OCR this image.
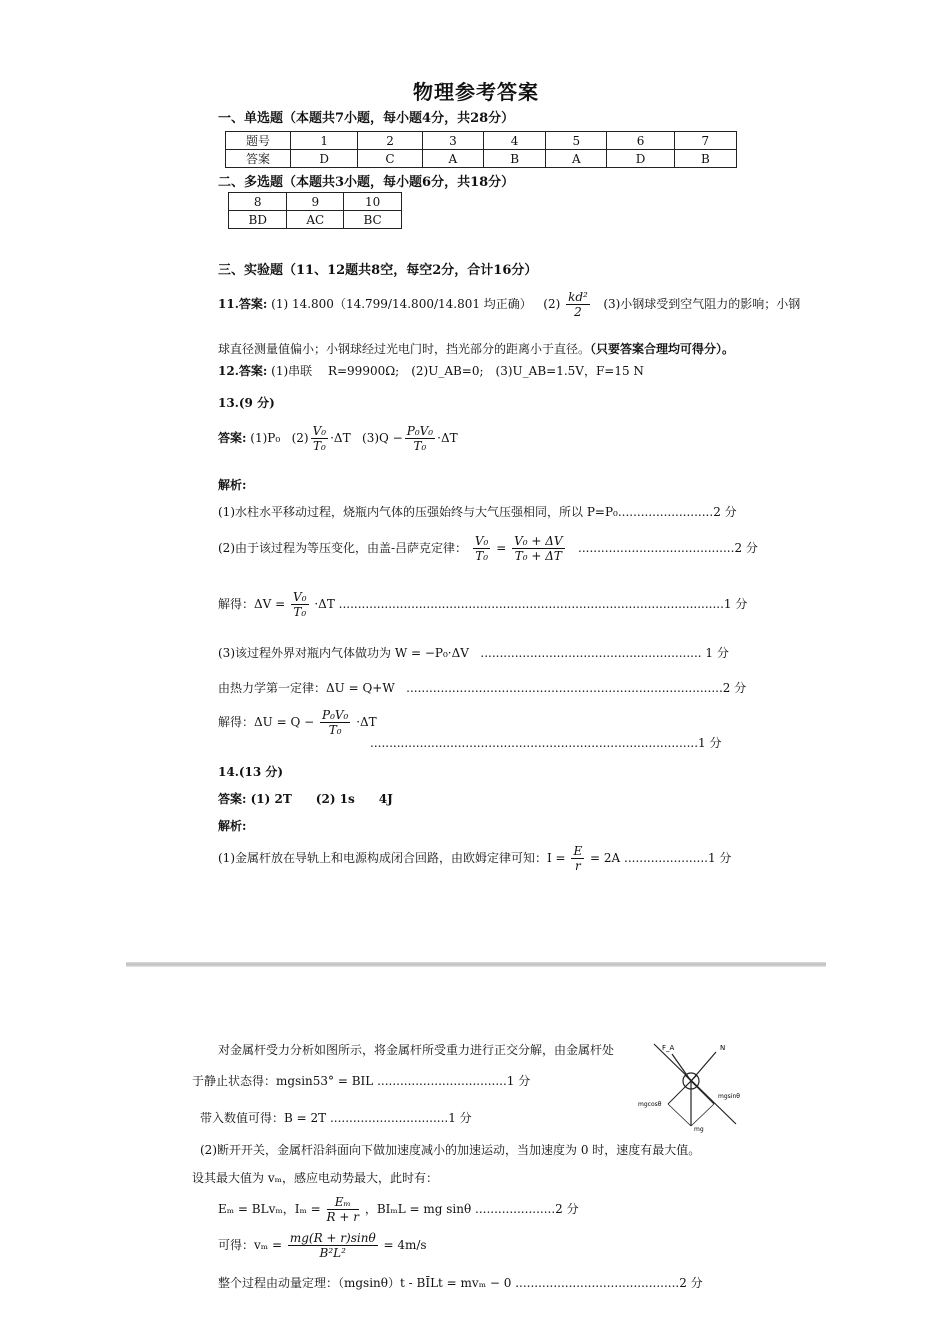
物理参考答案
一、单选题（本题共7小题，每小题4分，共28分）
题号	1	2	3	4	5	6	7
答案	D	C	A	B	A	D	B
二、多选题（本题共3小题，每小题6分，共18分）
8	9	10
BD	AC	BC
三、实验题（11、12题共8空，每空2分，合计16分）
11.答案: (1) 14.800（14.799/14.800/14.801 均正确） $(2) \frac{\text{kd²}}{2} (3)$小钢球受到空气阻力的影响；小钢
球直径测量值偏小；小钢球经过光电门时，挡光部分的距离小于直径。（只要答案合理均可得分）。
12.答案: (1)串联　 R=99900Ω;　(2)U_AB=0;　(3)U_AB=1.5V，F=15 N
13.(9 分)
答案: (1)P₀ $(2) \frac{\text{V₀}}{\text{T₀}} \cdot\Delta T$ $(3)Q - \frac{\text{P₀V₀}}{\text{T₀}} \cdot\Delta T$
解析:
(1)水柱水平移动过程，烧瓶内气体的压强始终与大气压强相同，所以 P=P₀.........................2 分
(2)由于该过程为等压变化，由盖-吕萨克定律： $\frac{\text{V₀}}{\text{T₀}} = \frac{\text{V₀ + ΔV}}{\text{T₀ + ΔT}} .........................................2$ 分
解得：$\Delta V = \frac{\text{V₀}}{\text{T₀}} \cdot\Delta T$ .....................................................................................................1 分
(3)该过程外界对瓶内气体做功为 W = −P₀·ΔV .......................................................... 1 分
由热力学第一定律：ΔU = Q+W ...................................................................................2 分
解得：$\Delta U = Q - \frac{\text{P₀V₀}}{\text{T₀}} \cdot\Delta T$
......................................................................................1 分
14.(13 分)
答案: (1) 2T　　(2) 1s　　4J
解析:
(1)金属杆放在导轨上和电源构成闭合回路，由欧姆定律可知：$I = \frac{E}{r} = 2A$ ......................1 分
对金属杆受力分析如图所示，将金属杆所受重力进行正交分解，由金属杆处
于静止状态得：mgsin53° = BIL ..................................1 分
带入数值可得：B = 2T ...............................1 分
(2)断开开关，金属杆沿斜面向下做加速度减小的加速运动，当加速度为 0 时，速度有最大值。
设其最大值为 vₘ，感应电动势最大，此时有：
Eₘ = BLvₘ，$I_m = \frac{\text{Eₘ}}{R + r}$ ，BIₘL = mg sinθ .....................2 分
可得：$v_m = \frac{mg(R + r)\sin\theta}{\text{B²L²}} = 4m/s$
整个过程由动量定理：（mgsinθ）t - BĪLt = mvₘ − 0 ...........................................2 分
F_A	N
mgcosθ
mgsinθ
mg
